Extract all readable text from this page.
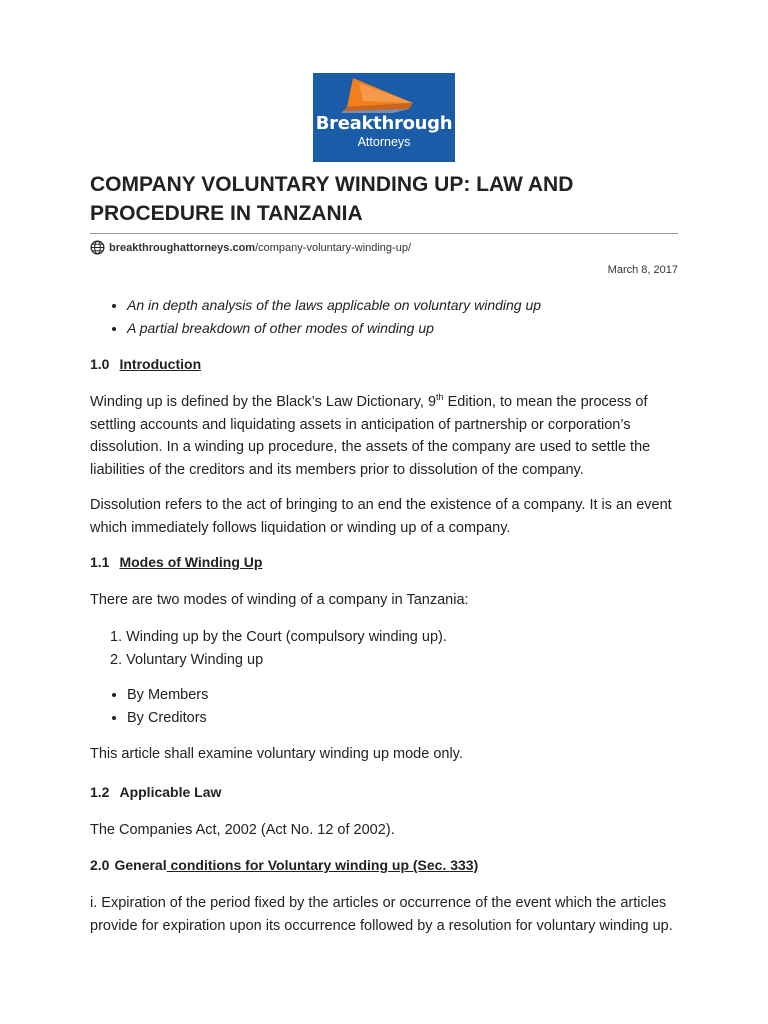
Breakthrough
Attorneys
COMPANY VOLUNTARY WINDING UP: LAW AND PROCEDURE IN TANZANIA
breakthroughattorneys.com /company-voluntary-winding-up/
March 8, 2017
• An in depth analysis of the laws applicable on voluntary winding up
• A partial breakdown of other modes of winding up
1.0 Introduction

Winding up is defined by the Black’s Law Dictionary, 9th Edition, to mean the process of settling accounts and liquidating assets in anticipation of partnership or corporation’s dissolution. In a winding up procedure, the assets of the company are used to settle the liabilities of the creditors and its members prior to dissolution of the company.

Dissolution refers to the act of bringing to an end the existence of a company. It is an event which immediately follows liquidation or winding up of a company.

1.1 Modes of Winding Up

There are two modes of winding of a company in Tanzania:

1. Winding up by the Court (compulsory winding up).
2. Voluntary Winding up
• By Members
• By Creditors

This article shall examine voluntary winding up mode only.

1.2 Applicable Law

The Companies Act, 2002 (Act No. 12 of 2002).

2.0 General conditions for Voluntary winding up (Sec. 333)

i. Expiration of the period fixed by the articles or occurrence of the event which the articles provide for expiration upon its occurrence followed by a resolution for voluntary winding up.
